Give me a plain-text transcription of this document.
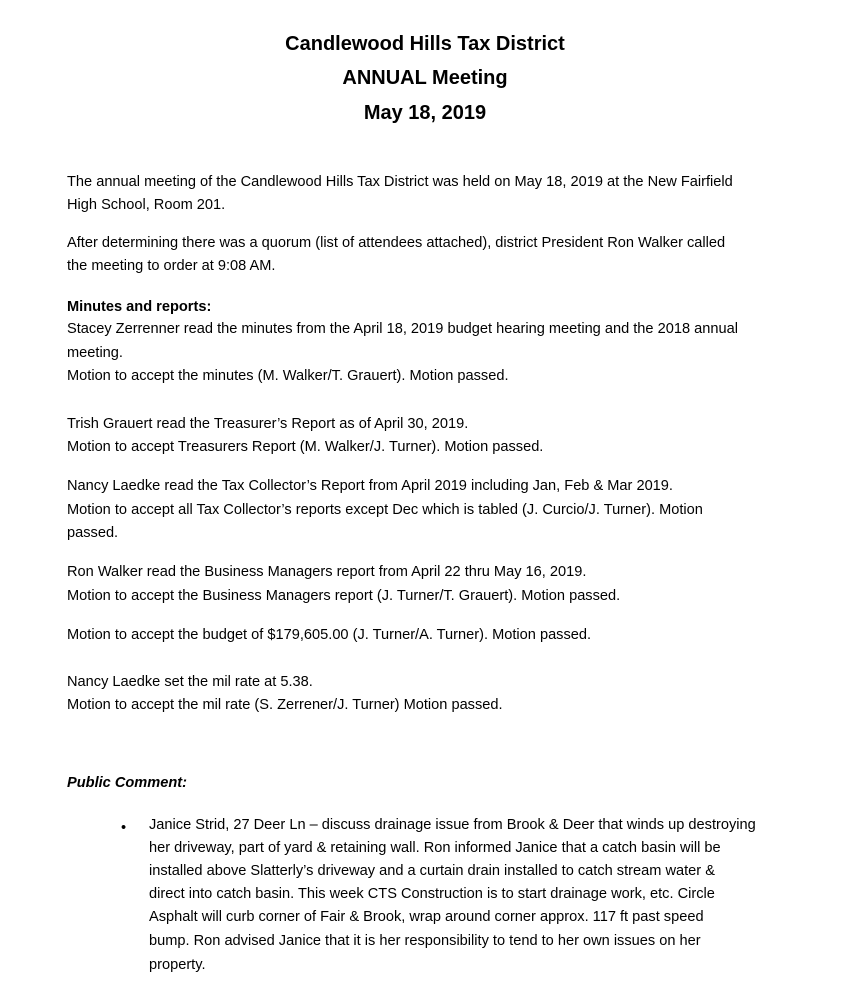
Candlewood Hills Tax District
ANNUAL Meeting
May 18, 2019
The annual meeting of the Candlewood Hills Tax District was held on May 18, 2019 at the New Fairfield
High School, Room 201.
After determining there was a quorum (list of attendees attached), district President Ron Walker called
the meeting to order at 9:08 AM.
Minutes and reports:
Stacey Zerrenner read the minutes from the April 18, 2019 budget hearing meeting and the 2018 annual
meeting.
Motion to accept the minutes (M. Walker/T. Grauert). Motion passed.
Trish Grauert read the Treasurer’s Report as of April 30, 2019.
Motion to accept Treasurers Report (M. Walker/J. Turner). Motion passed.
Nancy Laedke read the Tax Collector’s Report from April 2019 including Jan, Feb & Mar 2019.
Motion to accept all Tax Collector’s reports except Dec which is tabled (J. Curcio/J. Turner). Motion
passed.
Ron Walker read the Business Managers report from April 22 thru May 16, 2019.
Motion to accept the Business Managers report (J. Turner/T. Grauert). Motion passed.
Motion to accept the budget of $179,605.00 (J. Turner/A. Turner). Motion passed.
Nancy Laedke set the mil rate at 5.38.
Motion to accept the mil rate (S. Zerrener/J. Turner) Motion passed.
Public Comment:
• Janice Strid, 27 Deer Ln – discuss drainage issue from Brook & Deer that winds up destroying
her driveway, part of yard & retaining wall. Ron informed Janice that a catch basin will be
installed above Slatterly’s driveway and a curtain drain installed to catch stream water &
direct into catch basin. This week CTS Construction is to start drainage work, etc. Circle
Asphalt will curb corner of Fair & Brook, wrap around corner approx. 117 ft past speed
bump. Ron advised Janice that it is her responsibility to tend to her own issues on her
property.
